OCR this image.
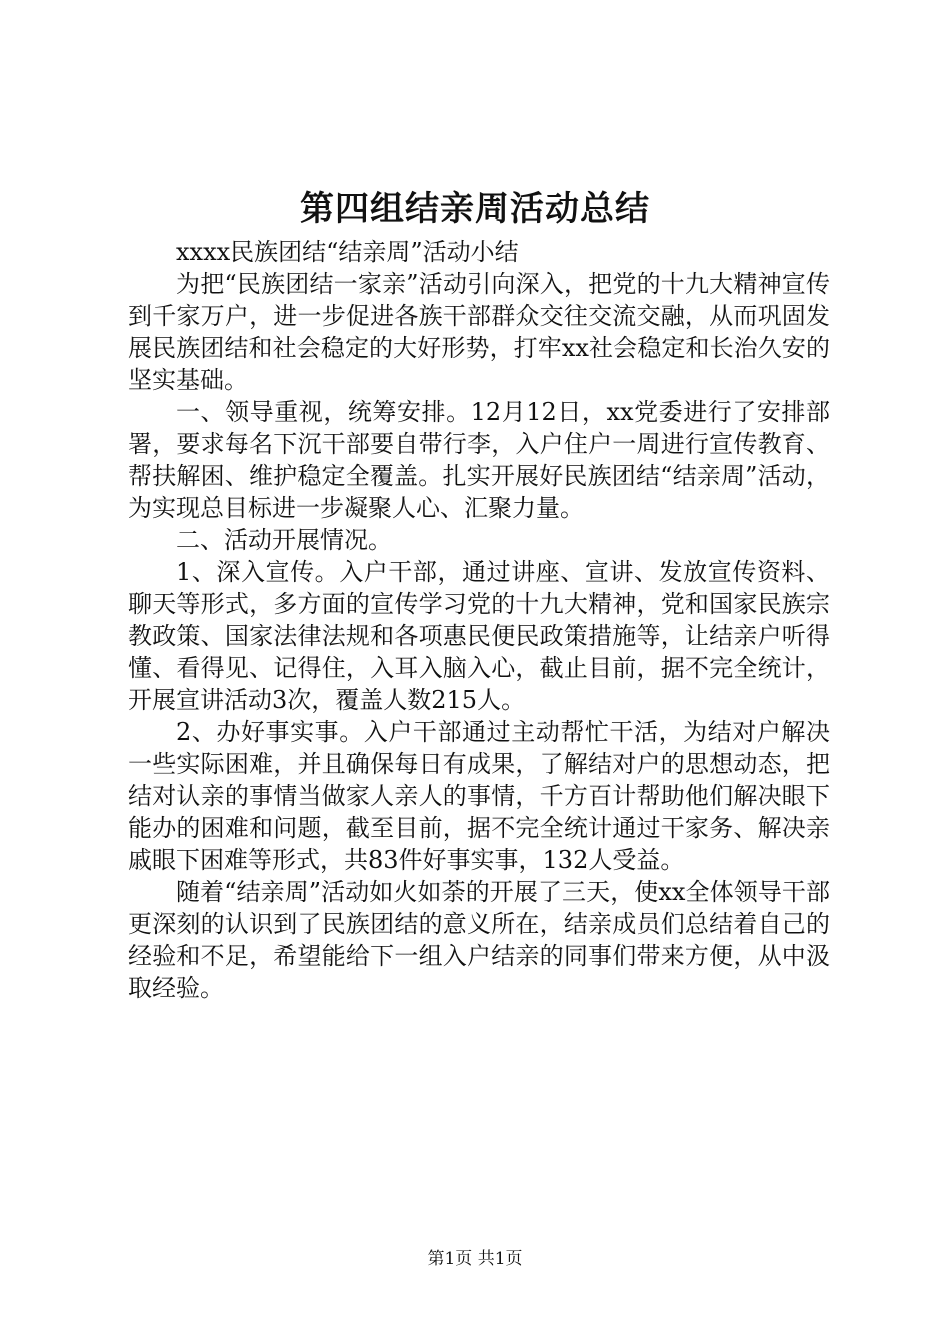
第四组结亲周活动总结

xxxx民族团结“结亲周”活动小结

为把“民族团结一家亲”活动引向深入，把党的十九大精神宣传到千家万户，进一步促进各族干部群众交往交流交融，从而巩固发展民族团结和社会稳定的大好形势，打牢xx社会稳定和长治久安的坚实基础。

一、领导重视，统筹安排。12月12日，xx党委进行了安排部署，要求每名下沉干部要自带行李，入户住户一周进行宣传教育、帮扶解困、维护稳定全覆盖。扎实开展好民族团结“结亲周”活动，为实现总目标进一步凝聚人心、汇聚力量。

二、活动开展情况。

1、深入宣传。入户干部，通过讲座、宣讲、发放宣传资料、聊天等形式，多方面的宣传学习党的十九大精神，党和国家民族宗教政策、国家法律法规和各项惠民便民政策措施等，让结亲户听得懂、看得见、记得住，入耳入脑入心，截止目前，据不完全统计，开展宣讲活动3次，覆盖人数215人。

2、办好事实事。入户干部通过主动帮忙干活，为结对户解决一些实际困难，并且确保每日有成果，了解结对户的思想动态，把结对认亲的事情当做家人亲人的事情，千方百计帮助他们解决眼下能办的困难和问题，截至目前，据不完全统计通过干家务、解决亲戚眼下困难等形式，共83件好事实事，132人受益。

随着“结亲周”活动如火如荼的开展了三天，使xx全体领导干部更深刻的认识到了民族团结的意义所在，结亲成员们总结着自己的经验和不足，希望能给下一组入户结亲的同事们带来方便，从中汲取经验。

第1页 共1页
